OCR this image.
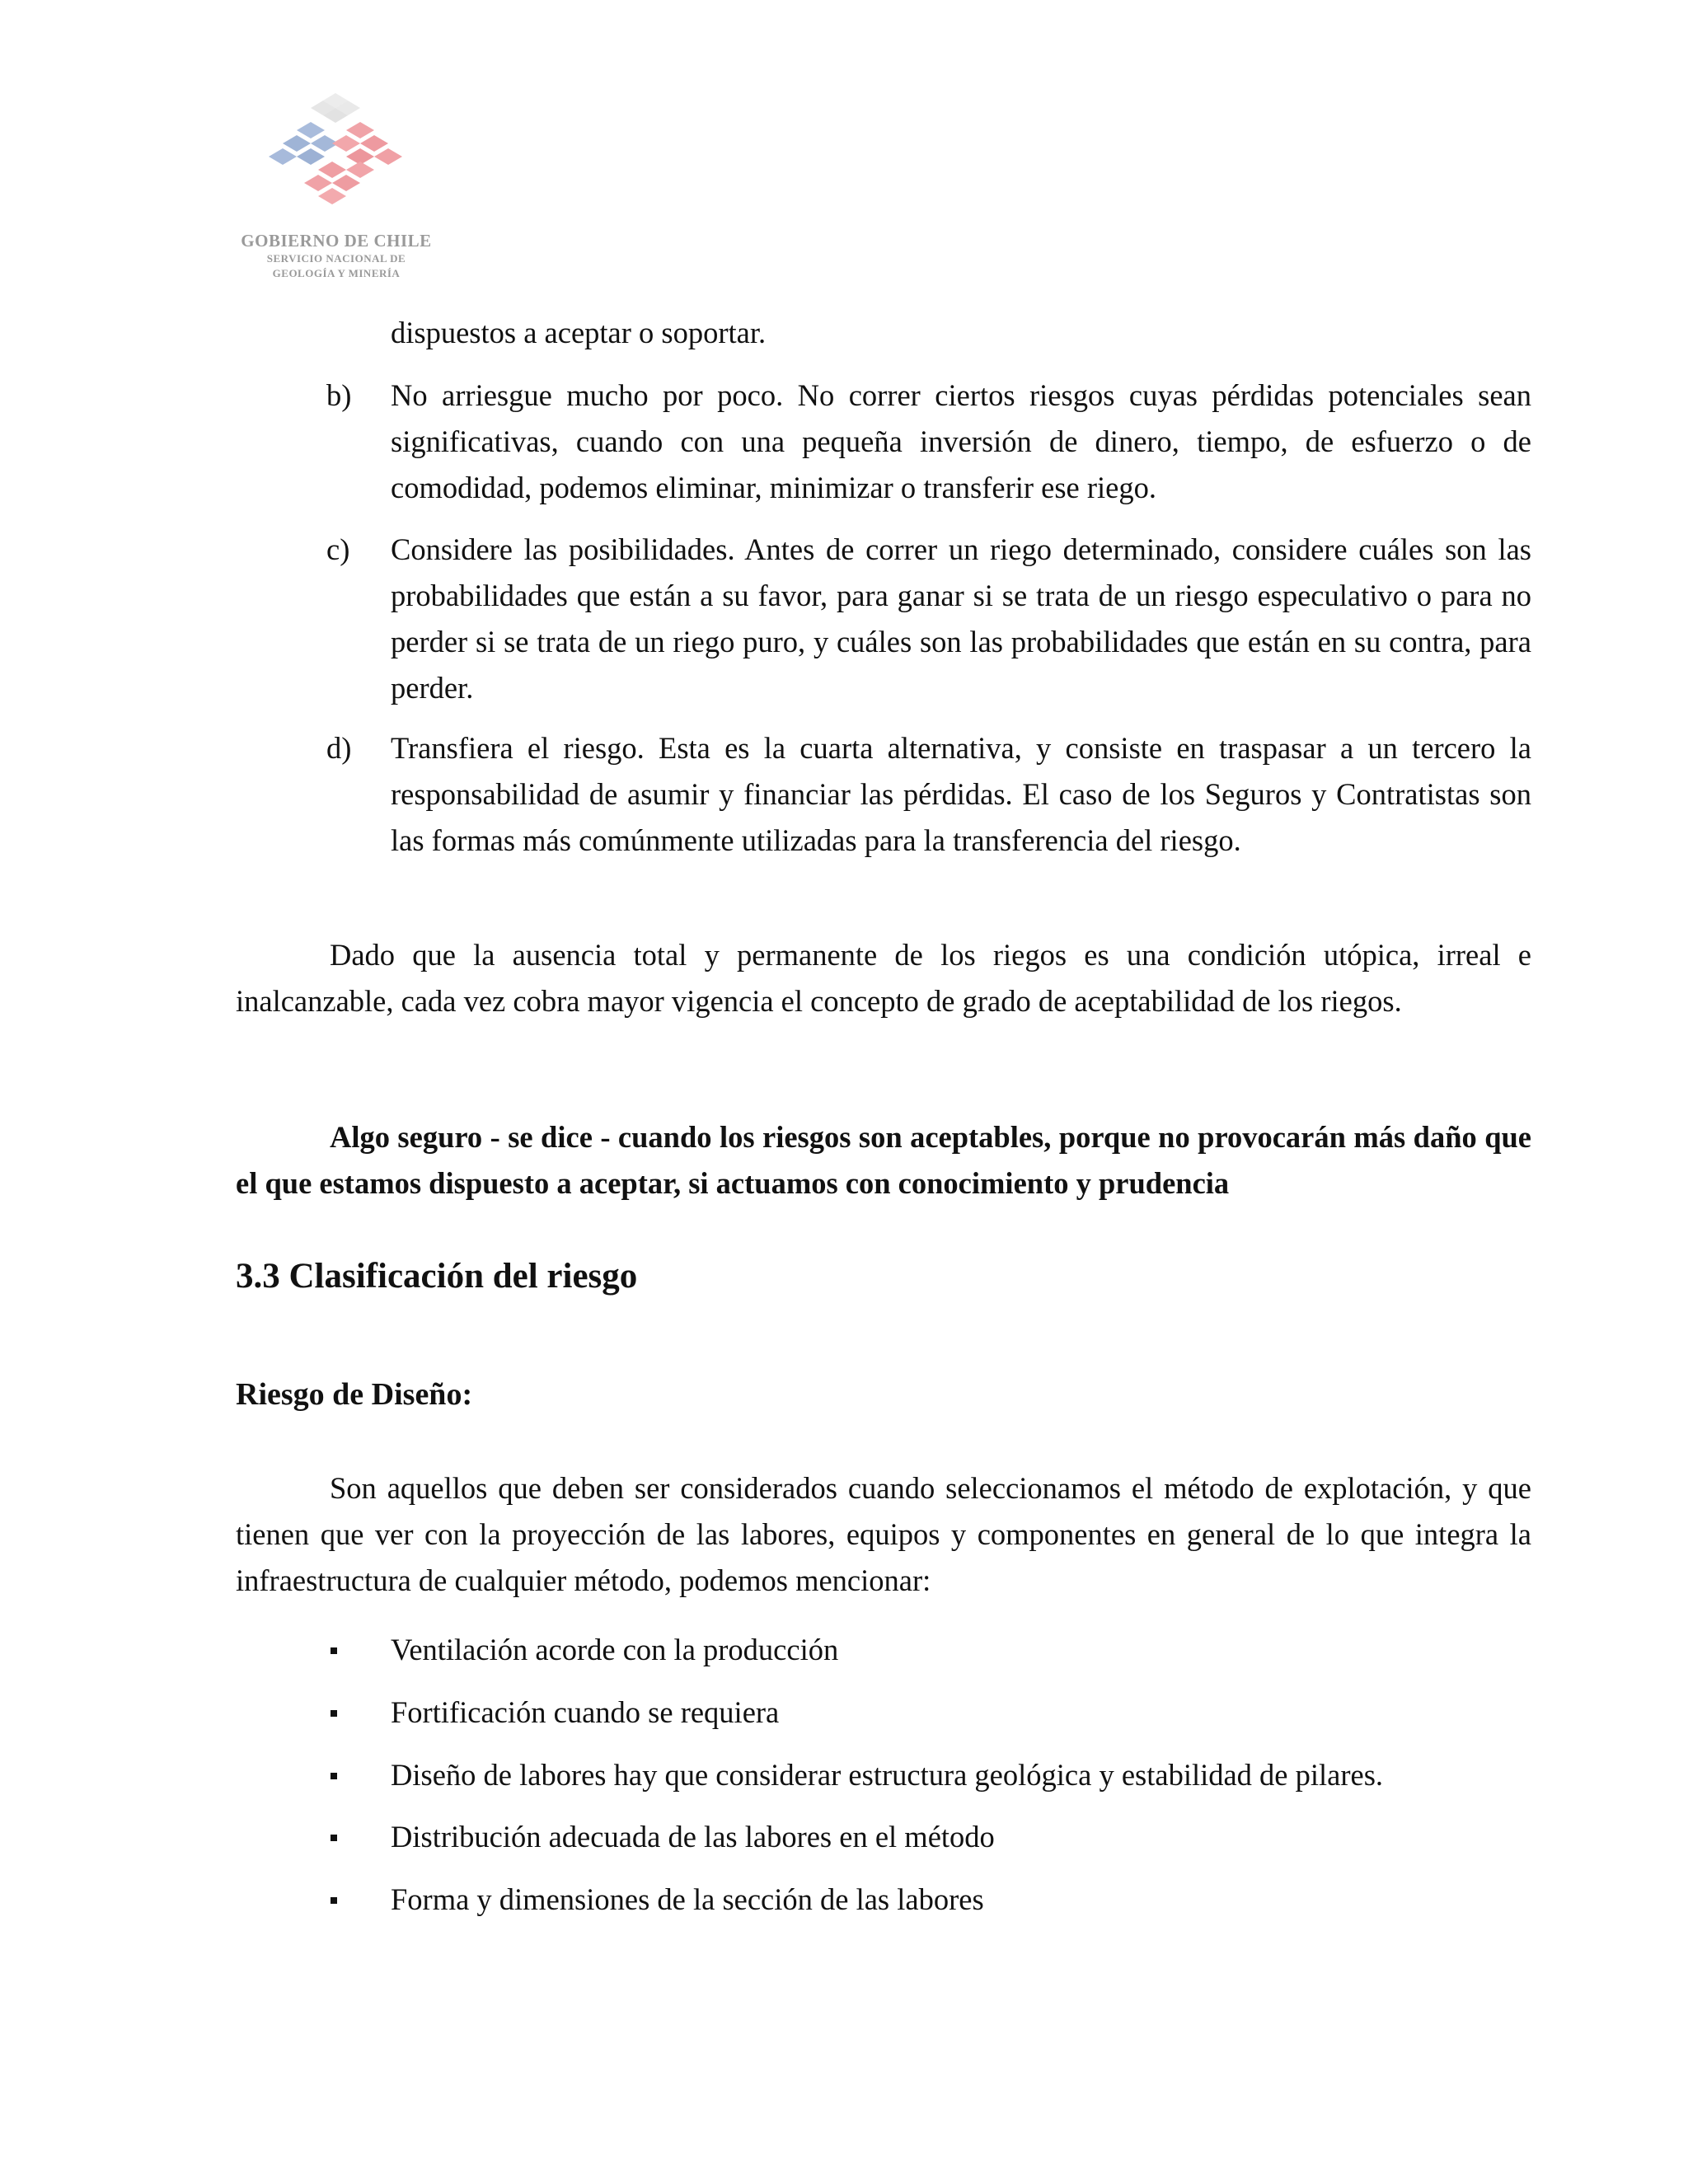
GOBIERNO DE CHILE
SERVICIO NACIONAL DE
GEOLOGÍA Y MINERÍA
dispuestos a aceptar o soportar.
b) No arriesgue mucho por poco. No correr ciertos riesgos cuyas pérdidas potenciales sean significativas, cuando con una pequeña inversión de dinero, tiempo, de esfuerzo o de comodidad, podemos eliminar, minimizar o transferir ese riego.
c) Considere las posibilidades. Antes de correr un riego determinado, considere cuáles son las probabilidades que están a su favor, para ganar si se trata de un riesgo especulativo o para no perder si se trata de un riego puro, y cuáles son las probabilidades que están en su contra, para perder.
d) Transfiera el riesgo. Esta es la cuarta alternativa, y consiste en traspasar a un tercero la responsabilidad de asumir y financiar las pérdidas. El caso de los Seguros y Contratistas son las formas más comúnmente utilizadas para la transferencia del riesgo.
Dado que la ausencia total y permanente de los riegos es una condición utópica, irreal e inalcanzable, cada vez cobra mayor vigencia el concepto de grado de aceptabilidad de los riegos.
Algo seguro - se dice - cuando los riesgos son aceptables, porque no provocarán más daño que el que estamos dispuesto a aceptar, si actuamos con conocimiento y prudencia
3.3 Clasificación del riesgo
Riesgo de Diseño:
Son aquellos que deben ser considerados cuando seleccionamos el método de explotación, y que tienen que ver con la proyección de las labores, equipos y componentes en general de lo que integra la infraestructura de cualquier método, podemos mencionar:
Ventilación acorde con la producción
Fortificación cuando se requiera
Diseño de labores hay que considerar estructura geológica y estabilidad de pilares.
Distribución adecuada de las labores en el método
Forma y dimensiones de la sección de las labores
